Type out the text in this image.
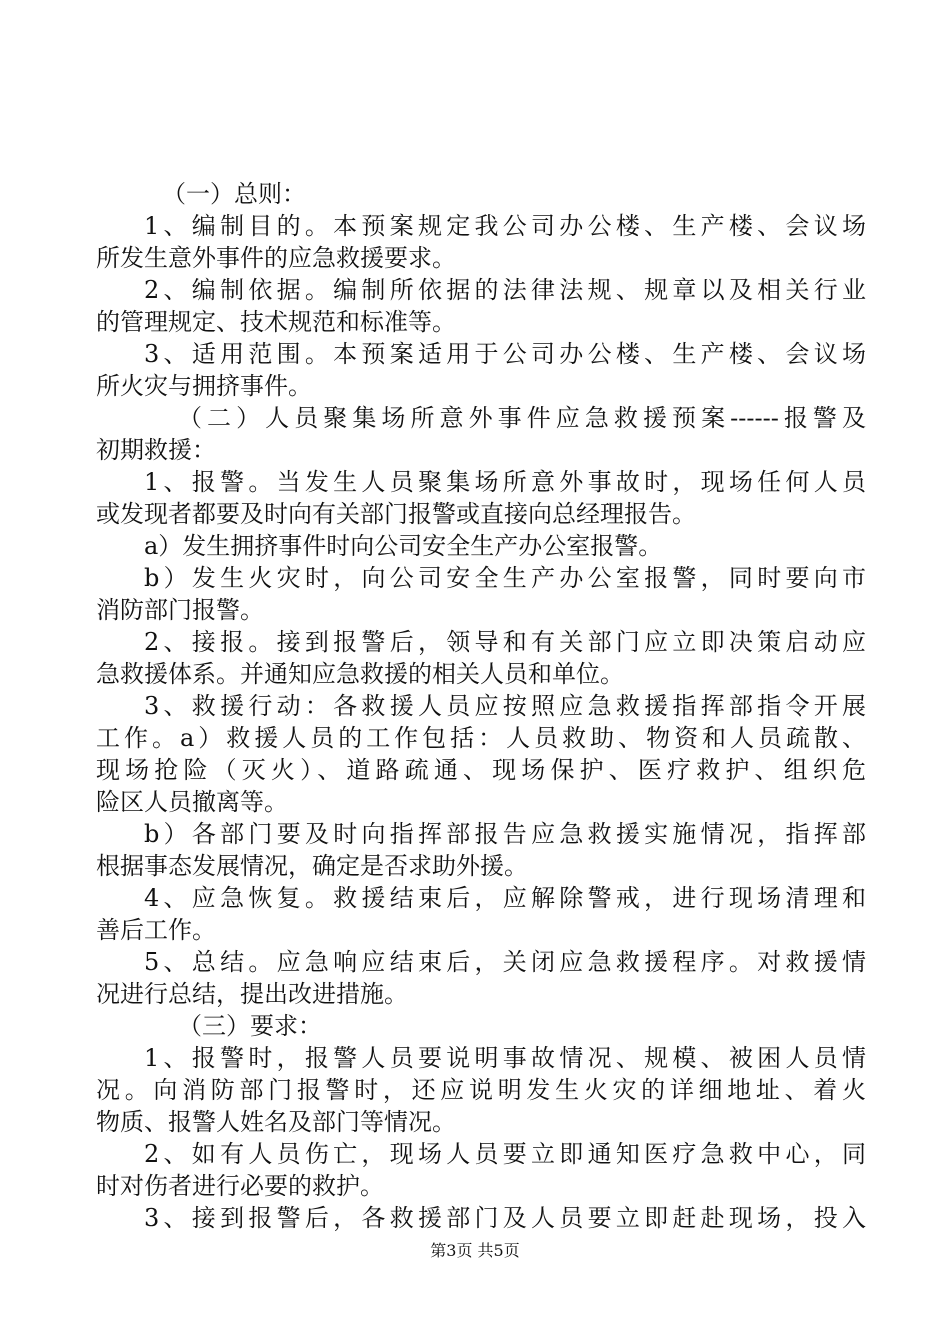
（一）总则：
1、编制目的。本预案规定我公司办公楼、生产楼、会议场
所发生意外事件的应急救援要求。
2、编制依据。编制所依据的法律法规、规章以及相关行业
的管理规定、技术规范和标准等。
3、适用范围。本预案适用于公司办公楼、生产楼、会议场
所火灾与拥挤事件。
（二）人员聚集场所意外事件应急救援预案------报警及
初期救援：
1、报警。当发生人员聚集场所意外事故时，现场任何人员
或发现者都要及时向有关部门报警或直接向总经理报告。
a）发生拥挤事件时向公司安全生产办公室报警。
b）发生火灾时，向公司安全生产办公室报警，同时要向市
消防部门报警。
2、接报。接到报警后，领导和有关部门应立即决策启动应
急救援体系。并通知应急救援的相关人员和单位。
3、救援行动：各救援人员应按照应急救援指挥部指令开展
工作。a）救援人员的工作包括：人员救助、物资和人员疏散、
现场抢险（灭火）、道路疏通、现场保护、医疗救护、组织危
险区人员撤离等。
b）各部门要及时向指挥部报告应急救援实施情况，指挥部
根据事态发展情况，确定是否求助外援。
4、应急恢复。救援结束后，应解除警戒，进行现场清理和
善后工作。
5、总结。应急响应结束后，关闭应急救援程序。对救援情
况进行总结，提出改进措施。
（三）要求：
1、报警时，报警人员要说明事故情况、规模、被困人员情
况。向消防部门报警时，还应说明发生火灾的详细地址、着火
物质、报警人姓名及部门等情况。
2、如有人员伤亡，现场人员要立即通知医疗急救中心，同
时对伤者进行必要的救护。
3、接到报警后，各救援部门及人员要立即赶赴现场，投入
第3页 共5页
